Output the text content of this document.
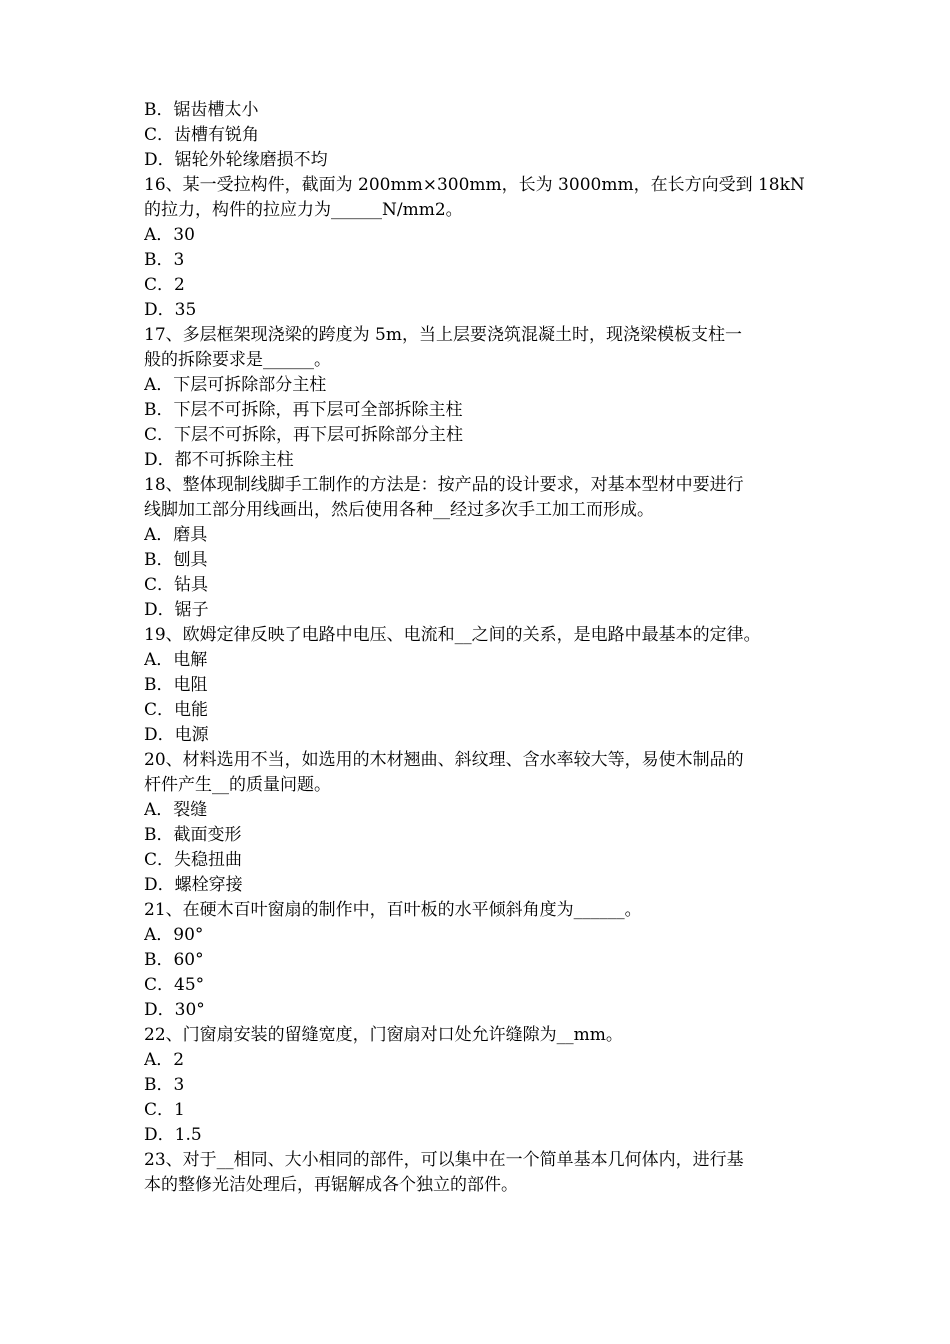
B．锯齿槽太小
C．齿槽有锐角
D．锯轮外轮缘磨损不均
16、某一受拉构件，截面为 200mm×300mm，长为 3000mm，在长方向受到 18kN
的拉力，构件的拉应力为______N/mm2。
A．30
B．3
C．2
D．35
17、多层框架现浇梁的跨度为 5m，当上层要浇筑混凝土时，现浇梁模板支柱一
般的拆除要求是______。
A．下层可拆除部分主柱
B．下层不可拆除，再下层可全部拆除主柱
C．下层不可拆除，再下层可拆除部分主柱
D．都不可拆除主柱
18、整体现制线脚手工制作的方法是：按产品的设计要求，对基本型材中要进行
线脚加工部分用线画出，然后使用各种__经过多次手工加工而形成。
A．磨具
B．刨具
C．钻具
D．锯子
19、欧姆定律反映了电路中电压、电流和__之间的关系，是电路中最基本的定律。
A．电解
B．电阻
C．电能
D．电源
20、材料选用不当，如选用的木材翘曲、斜纹理、含水率较大等，易使木制品的
杆件产生__的质量问题。
A．裂缝
B．截面变形
C．失稳扭曲
D．螺栓穿接
21、在硬木百叶窗扇的制作中，百叶板的水平倾斜角度为______。
A．90°
B．60°
C．45°
D．30°
22、门窗扇安装的留缝宽度，门窗扇对口处允许缝隙为__mm。
A．2
B．3
C．1
D．1.5
23、对于__相同、大小相同的部件，可以集中在一个简单基本几何体内，进行基
本的整修光洁处理后，再锯解成各个独立的部件。
